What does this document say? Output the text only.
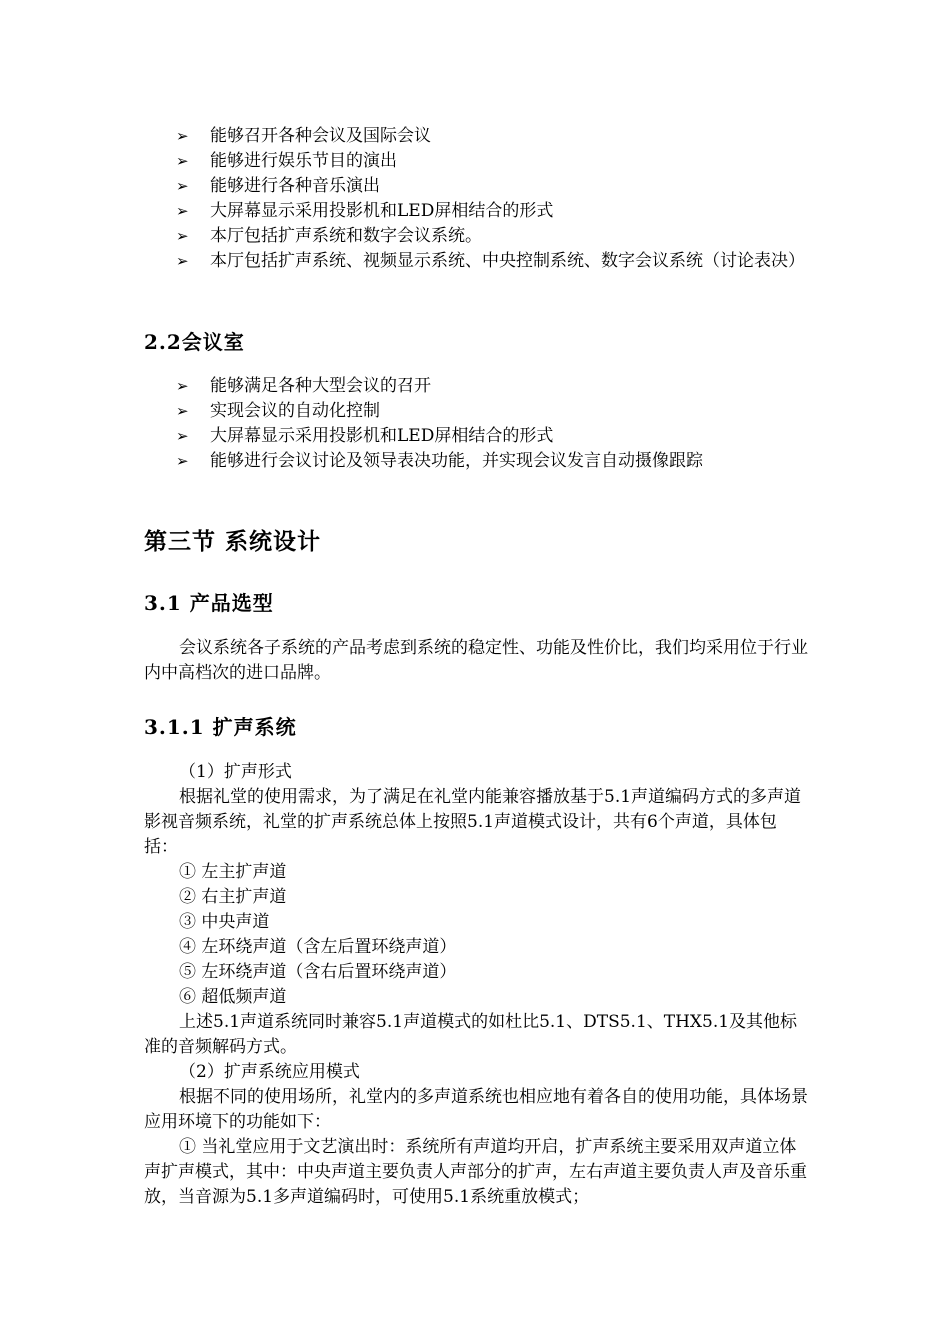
➢	能够召开各种会议及国际会议
➢	能够进行娱乐节目的演出
➢	能够进行各种音乐演出
➢	大屏幕显示采用投影机和LED屏相结合的形式
➢	本厅包括扩声系统和数字会议系统。
➢	本厅包括扩声系统、视频显示系统、中央控制系统、数字会议系统（讨论表决）
2.2会议室
➢	能够满足各种大型会议的召开
➢	实现会议的自动化控制
➢	大屏幕显示采用投影机和LED屏相结合的形式
➢	能够进行会议讨论及领导表决功能，并实现会议发言自动摄像跟踪
第三节 系统设计
3.1 产品选型

会议系统各子系统的产品考虑到系统的稳定性、功能及性价比，我们均采用位于行业内中高档次的进口品牌。

3.1.1 扩声系统

（1）扩声形式

根据礼堂的使用需求，为了满足在礼堂内能兼容播放基于5.1声道编码方式的多声道影视音频系统，礼堂的扩声系统总体上按照5.1声道模式设计，共有6个声道，具体包括：

① 左主扩声道

② 右主扩声道

③ 中央声道

④ 左环绕声道（含左后置环绕声道）

⑤ 左环绕声道（含右后置环绕声道）

⑥ 超低频声道

上述5.1声道系统同时兼容5.1声道模式的如杜比5.1、DTS5.1、THX5.1及其他标准的音频解码方式。

（2）扩声系统应用模式

根据不同的使用场所，礼堂内的多声道系统也相应地有着各自的使用功能，具体场景应用环境下的功能如下：

① 当礼堂应用于文艺演出时：系统所有声道均开启，扩声系统主要采用双声道立体声扩声模式，其中：中央声道主要负责人声部分的扩声，左右声道主要负责人声及音乐重放，当音源为5.1多声道编码时，可使用5.1系统重放模式；
